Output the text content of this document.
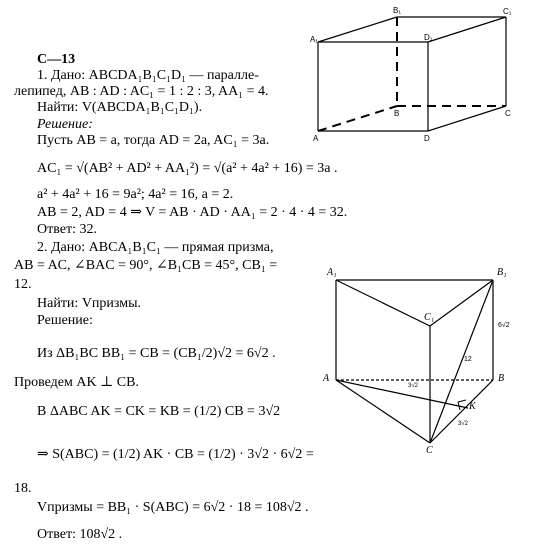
A₁
B₁	C₁
D₁
A
B	C
D
A₁	B₁
C₁
A	B
C
K
6√2
12
3√2
3√2
C—13
1. Дано: ABCDA₁B₁C₁D₁ — паралле-
лепипед, AB : AD : AC₁ = 1 : 2 : 3, AA₁ = 4.
Найти: V(ABCDA₁B₁C₁D₁).
Решение:
Пусть AB = a, тогда AD = 2a, AC₁ = 3a.
AC₁ = √(AB² + AD² + AA₁²) = √(a² + 4a² + 16) = 3a .
a² + 4a² + 16 = 9a²; 4a² = 16, a = 2.
AB = 2, AD = 4 ⇒ V = AB · AD · AA₁ = 2 · 4 · 4 = 32.
Ответ: 32.
2. Дано: ABCA₁B₁C₁ — прямая призма,
AB = AC, ∠BAC = 90°, ∠B₁CB = 45°, CB₁ =
12.
Найти: Vпризмы.
Решение:
Из ΔB₁BC BB₁ = CB = (CB₁/2)√2 = 6√2 .
Проведем AK ⊥ CB.
В ΔABC AK = CK = KB = (1/2) CB = 3√2
⇒ S(ABC) = (1/2) AK · CB = (1/2) · 3√2 · 6√2 =
18.
Vпризмы = BB₁ · S(ABC) = 6√2 · 18 = 108√2 .
Ответ: 108√2 .
